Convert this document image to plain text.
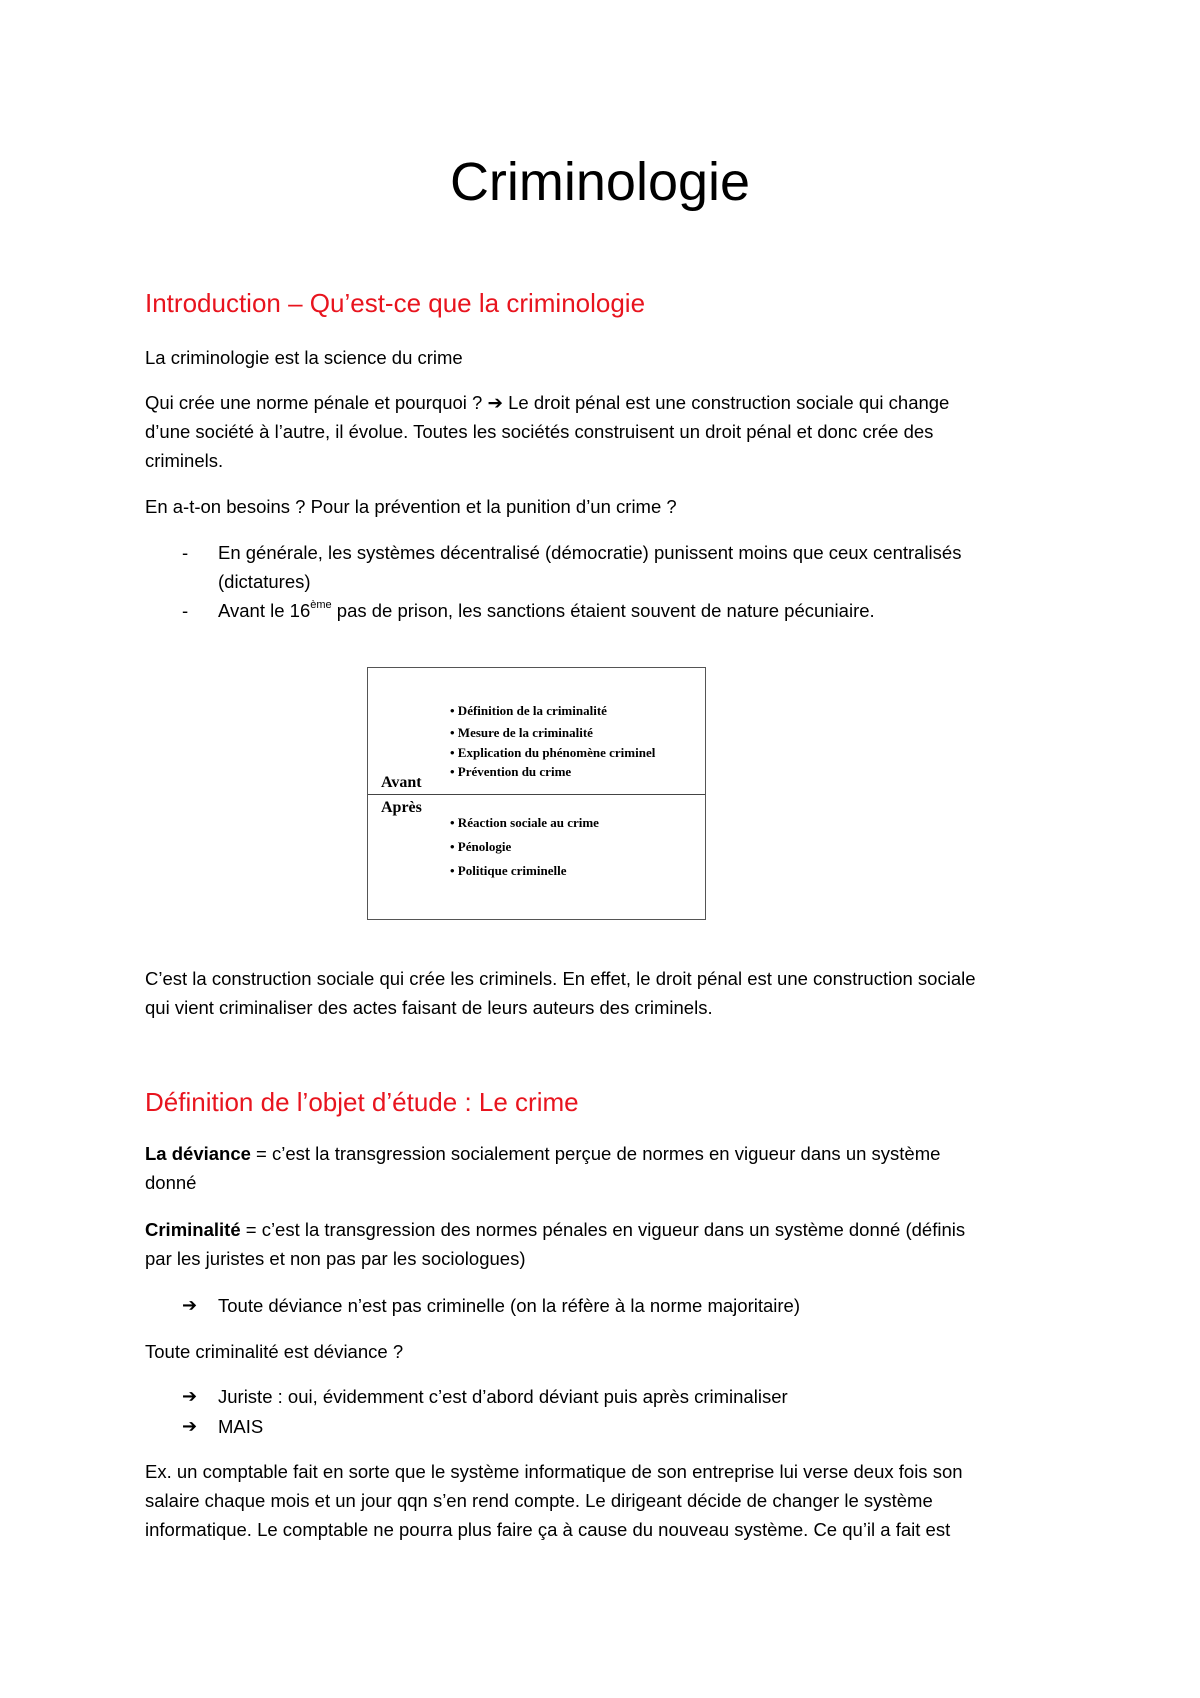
Criminologie
Introduction – Qu’est-ce que la criminologie

La criminologie est la science du crime

Qui crée une norme pénale et pourquoi ? ➔ Le droit pénal est une construction sociale qui change
d’une société à l’autre, il évolue. Toutes les sociétés construisent un droit pénal et donc crée des
criminels.

En a-t-on besoins ? Pour la prévention et la punition d’un crime ?

- En générale, les systèmes décentralisé (démocratie) punissent moins que ceux centralisés
(dictatures)
- Avant le 16ème pas de prison, les sanctions étaient souvent de nature pécuniaire.
• Définition de la criminalité
• Mesure de la criminalité
• Explication du phénomène criminel
• Prévention du crime
Avant
Après
• Réaction sociale au crime
• Pénologie
• Politique criminelle
C’est la construction sociale qui crée les criminels. En effet, le droit pénal est une construction sociale
qui vient criminaliser des actes faisant de leurs auteurs des criminels.
Définition de l’objet d’étude : Le crime
La déviance = c’est la transgression socialement perçue de normes en vigueur dans un système
donné
Criminalité = c’est la transgression des normes pénales en vigueur dans un système donné (définis
par les juristes et non pas par les sociologues)
➔ Toute déviance n’est pas criminelle (on la réfère à la norme majoritaire)

Toute criminalité est déviance ?

➔ Juriste : oui, évidemment c’est d’abord déviant puis après criminaliser
➔ MAIS
Ex. un comptable fait en sorte que le système informatique de son entreprise lui verse deux fois son
salaire chaque mois et un jour qqn s’en rend compte. Le dirigeant décide de changer le système
informatique. Le comptable ne pourra plus faire ça à cause du nouveau système. Ce qu’il a fait est
